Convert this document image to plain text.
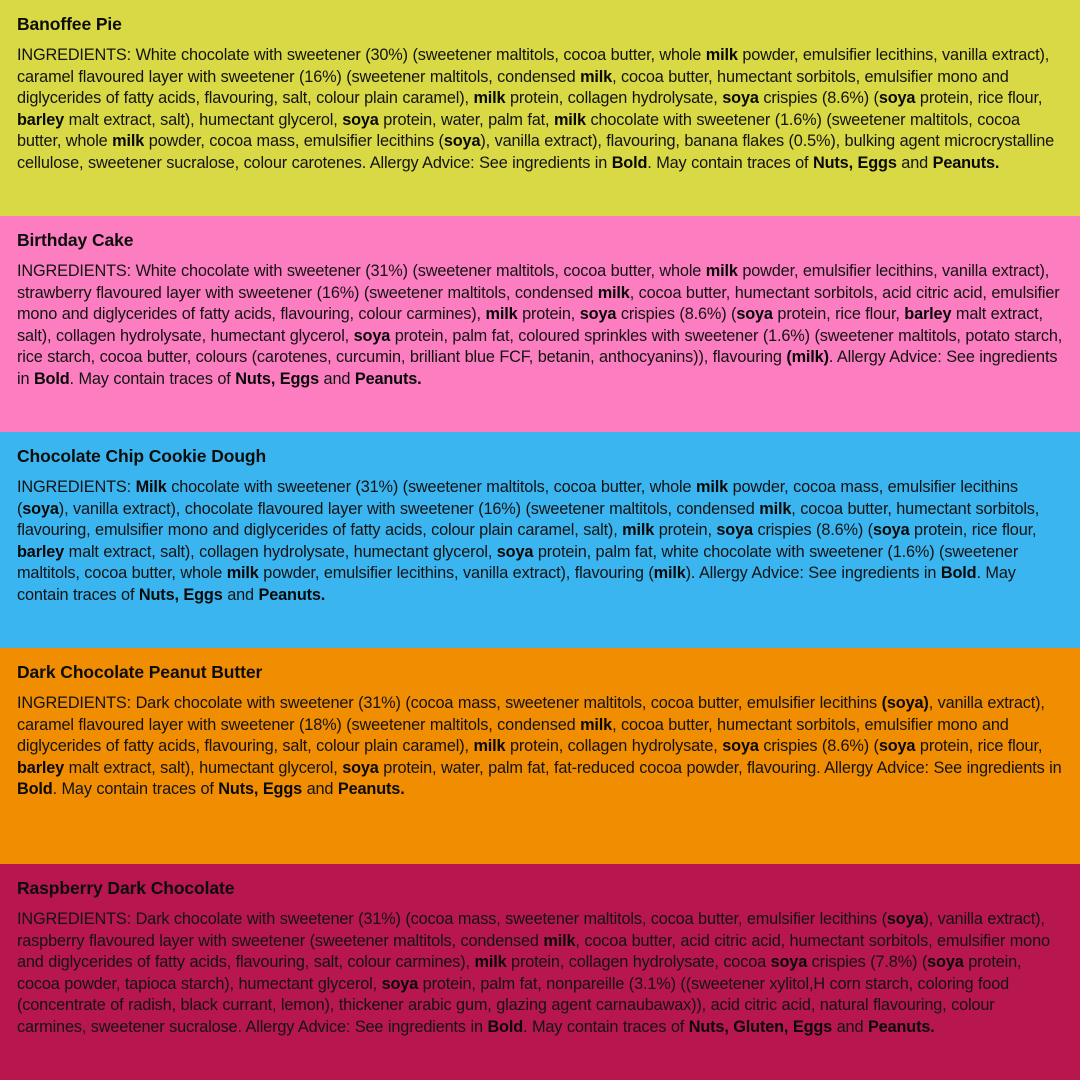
Banoffee Pie

INGREDIENTS: White chocolate with sweetener (30%) (sweetener maltitols, cocoa butter, whole milk powder, emulsifier lecithins, vanilla extract), caramel flavoured layer with sweetener (16%) (sweetener maltitols, condensed milk, cocoa butter, humectant sorbitols, emulsifier mono and diglycerides of fatty acids, flavouring, salt, colour plain caramel), milk protein, collagen hydrolysate, soya crispies (8.6%) (soya protein, rice flour, barley malt extract, salt), humectant glycerol, soya protein, water, palm fat, milk chocolate with sweetener (1.6%) (sweetener maltitols, cocoa butter, whole milk powder, cocoa mass, emulsifier lecithins (soya), vanilla extract), flavouring, banana flakes (0.5%), bulking agent microcrystalline cellulose, sweetener sucralose, colour carotenes. Allergy Advice: See ingredients in Bold. May contain traces of Nuts, Eggs and Peanuts.

Birthday Cake

INGREDIENTS: White chocolate with sweetener (31%) (sweetener maltitols, cocoa butter, whole milk powder, emulsifier lecithins, vanilla extract), strawberry flavoured layer with sweetener (16%) (sweetener maltitols, condensed milk, cocoa butter, humectant sorbitols, acid citric acid, emulsifier mono and diglycerides of fatty acids, flavouring, colour carmines), milk protein, soya crispies (8.6%) (soya protein, rice flour, barley malt extract, salt), collagen hydrolysate, humectant glycerol, soya protein, palm fat, coloured sprinkles with sweetener (1.6%) (sweetener maltitols, potato starch, rice starch, cocoa butter, colours (carotenes, curcumin, brilliant blue FCF, betanin, anthocyanins)), flavouring (milk). Allergy Advice: See ingredients in Bold. May contain traces of Nuts, Eggs and Peanuts.

Chocolate Chip Cookie Dough

INGREDIENTS: Milk chocolate with sweetener (31%) (sweetener maltitols, cocoa butter, whole milk powder, cocoa mass, emulsifier lecithins (soya), vanilla extract), chocolate flavoured layer with sweetener (16%) (sweetener maltitols, condensed milk, cocoa butter, humectant sorbitols, flavouring, emulsifier mono and diglycerides of fatty acids, colour plain caramel, salt), milk protein, soya crispies (8.6%) (soya protein, rice flour, barley malt extract, salt), collagen hydrolysate, humectant glycerol, soya protein, palm fat, white chocolate with sweetener (1.6%) (sweetener maltitols, cocoa butter, whole milk powder, emulsifier lecithins, vanilla extract), flavouring (milk). Allergy Advice: See ingredients in Bold. May contain traces of Nuts, Eggs and Peanuts.

Dark Chocolate Peanut Butter

INGREDIENTS: Dark chocolate with sweetener (31%) (cocoa mass, sweetener maltitols, cocoa butter, emulsifier lecithins (soya), vanilla extract), caramel flavoured layer with sweetener (18%) (sweetener maltitols, condensed milk, cocoa butter, humectant sorbitols, emulsifier mono and diglycerides of fatty acids, flavouring, salt, colour plain caramel), milk protein, collagen hydrolysate, soya crispies (8.6%) (soya protein, rice flour, barley malt extract, salt), humectant glycerol, soya protein, water, palm fat, fat-reduced cocoa powder, flavouring. Allergy Advice: See ingredients in Bold. May contain traces of Nuts, Eggs and Peanuts.

Raspberry Dark Chocolate

INGREDIENTS: Dark chocolate with sweetener (31%) (cocoa mass, sweetener maltitols, cocoa butter, emulsifier lecithins (soya), vanilla extract), raspberry flavoured layer with sweetener (sweetener maltitols, condensed milk, cocoa butter, acid citric acid, humectant sorbitols, emulsifier mono and diglycerides of fatty acids, flavouring, salt, colour carmines), milk protein, collagen hydrolysate, cocoa soya crispies (7.8%) (soya protein, cocoa powder, tapioca starch), humectant glycerol, soya protein, palm fat, nonpareille (3.1%) ((sweetener xylitol,H corn starch, coloring food (concentrate of radish, black currant, lemon), thickener arabic gum, glazing agent carnaubawax)), acid citric acid, natural flavouring, colour carmines, sweetener sucralose. Allergy Advice: See ingredients in Bold. May contain traces of Nuts, Gluten, Eggs and Peanuts.
